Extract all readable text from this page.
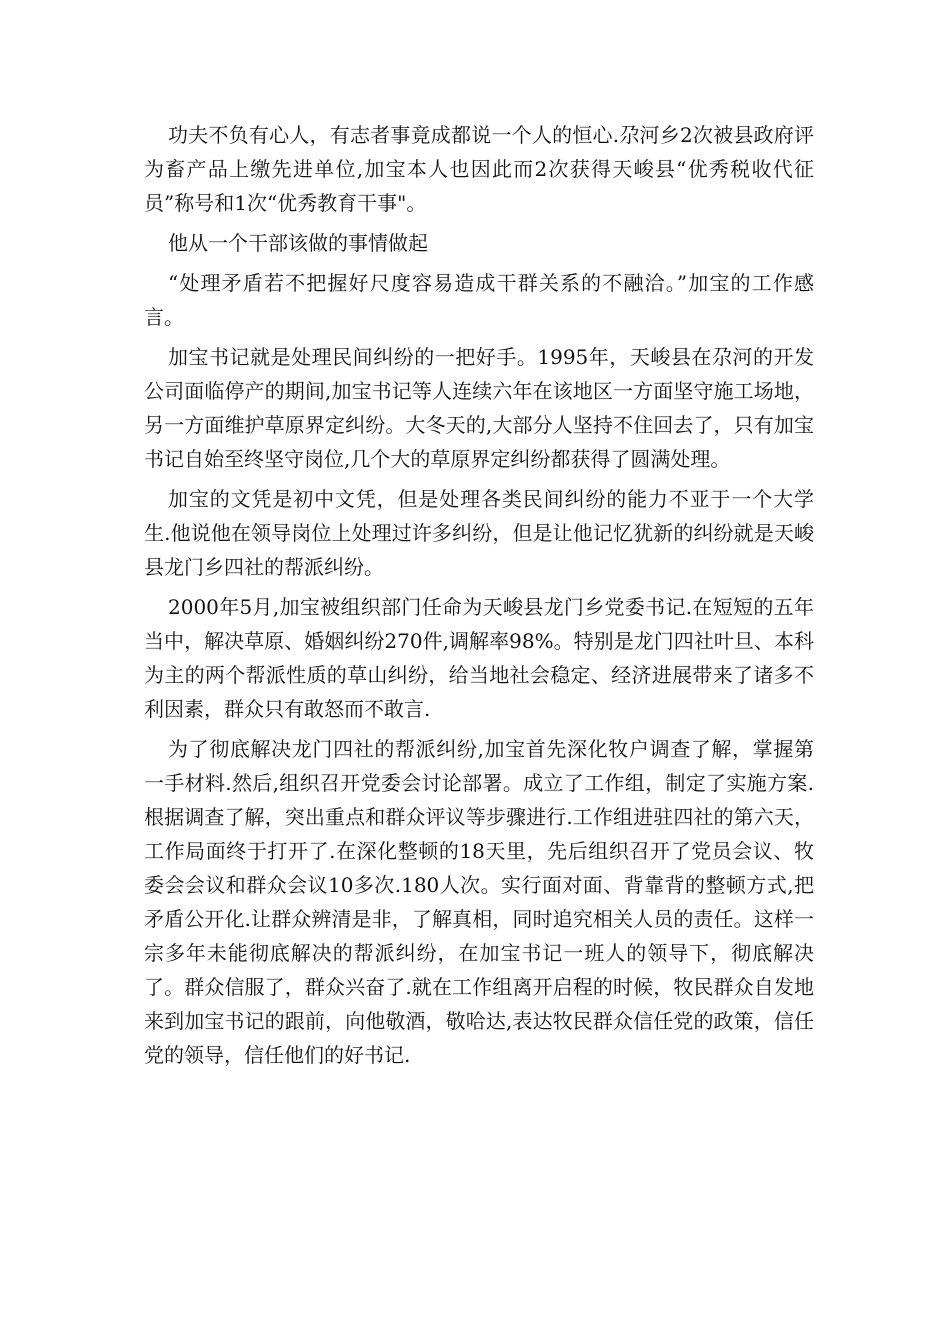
功夫不负有心人，有志者事竟成都说一个人的恒心.尕河乡2次被县政府评为畜产品上缴先进单位,加宝本人也因此而2次获得天峻县“优秀税收代征员”称号和1次“优秀教育干事"。

他从一个干部该做的事情做起

“处理矛盾若不把握好尺度容易造成干群关系的不融洽。”加宝的工作感言。

加宝书记就是处理民间纠纷的一把好手。1995年，天峻县在尕河的开发公司面临停产的期间,加宝书记等人连续六年在该地区一方面坚守施工场地，另一方面维护草原界定纠纷。大冬天的,大部分人坚持不住回去了，只有加宝书记自始至终坚守岗位,几个大的草原界定纠纷都获得了圆满处理。

加宝的文凭是初中文凭，但是处理各类民间纠纷的能力不亚于一个大学生.他说他在领导岗位上处理过许多纠纷，但是让他记忆犹新的纠纷就是天峻县龙门乡四社的帮派纠纷。

2000年5月,加宝被组织部门任命为天峻县龙门乡党委书记.在短短的五年当中，解决草原、婚姻纠纷270件,调解率98%。特别是龙门四社叶旦、本科为主的两个帮派性质的草山纠纷，给当地社会稳定、经济进展带来了诸多不利因素，群众只有敢怒而不敢言.

为了彻底解决龙门四社的帮派纠纷,加宝首先深化牧户调查了解，掌握第一手材料.然后,组织召开党委会讨论部署。成立了工作组，制定了实施方案.根据调查了解，突出重点和群众评议等步骤进行.工作组进驻四社的第六天，工作局面终于打开了.在深化整顿的18天里，先后组织召开了党员会议、牧委会会议和群众会议10多次.180人次。实行面对面、背靠背的整顿方式,把矛盾公开化.让群众辨清是非，了解真相，同时追究相关人员的责任。这样一宗多年未能彻底解决的帮派纠纷，在加宝书记一班人的领导下，彻底解决了。群众信服了，群众兴奋了.就在工作组离开启程的时候，牧民群众自发地来到加宝书记的跟前，向他敬酒，敬哈达,表达牧民群众信任党的政策，信任党的领导，信任他们的好书记.
